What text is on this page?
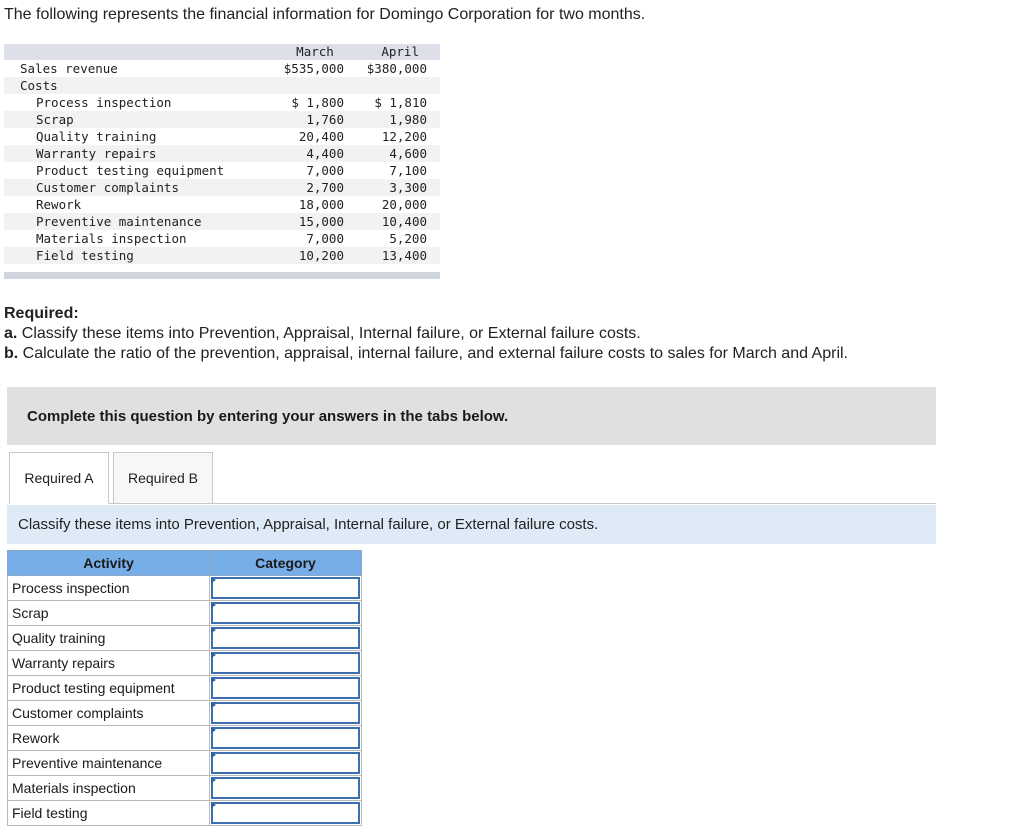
The following represents the financial information for Domingo Corporation for two months.
March	April
Sales revenue	$535,000	$380,000
Costs
Process inspection	$ 1,800	$ 1,810
Scrap	1,760	1,980
Quality training	20,400	12,200
Warranty repairs	4,400	4,600
Product testing equipment	7,000	7,100
Customer complaints	2,700	3,300
Rework	18,000	20,000
Preventive maintenance	15,000	10,400
Materials inspection	7,000	5,200
Field testing	10,200	13,400
Required:
a. Classify these items into Prevention, Appraisal, Internal failure, or External failure costs.
b. Calculate the ratio of the prevention, appraisal, internal failure, and external failure costs to sales for March and April.
Complete this question by entering your answers in the tabs below.
Required A	Required B
Classify these items into Prevention, Appraisal, Internal failure, or External failure costs.
Activity	Category
Process inspection	

Scrap	

Quality training	

Warranty repairs	

Product testing equipment	

Customer complaints	

Rework	

Preventive maintenance	

Materials inspection	

Field testing	
